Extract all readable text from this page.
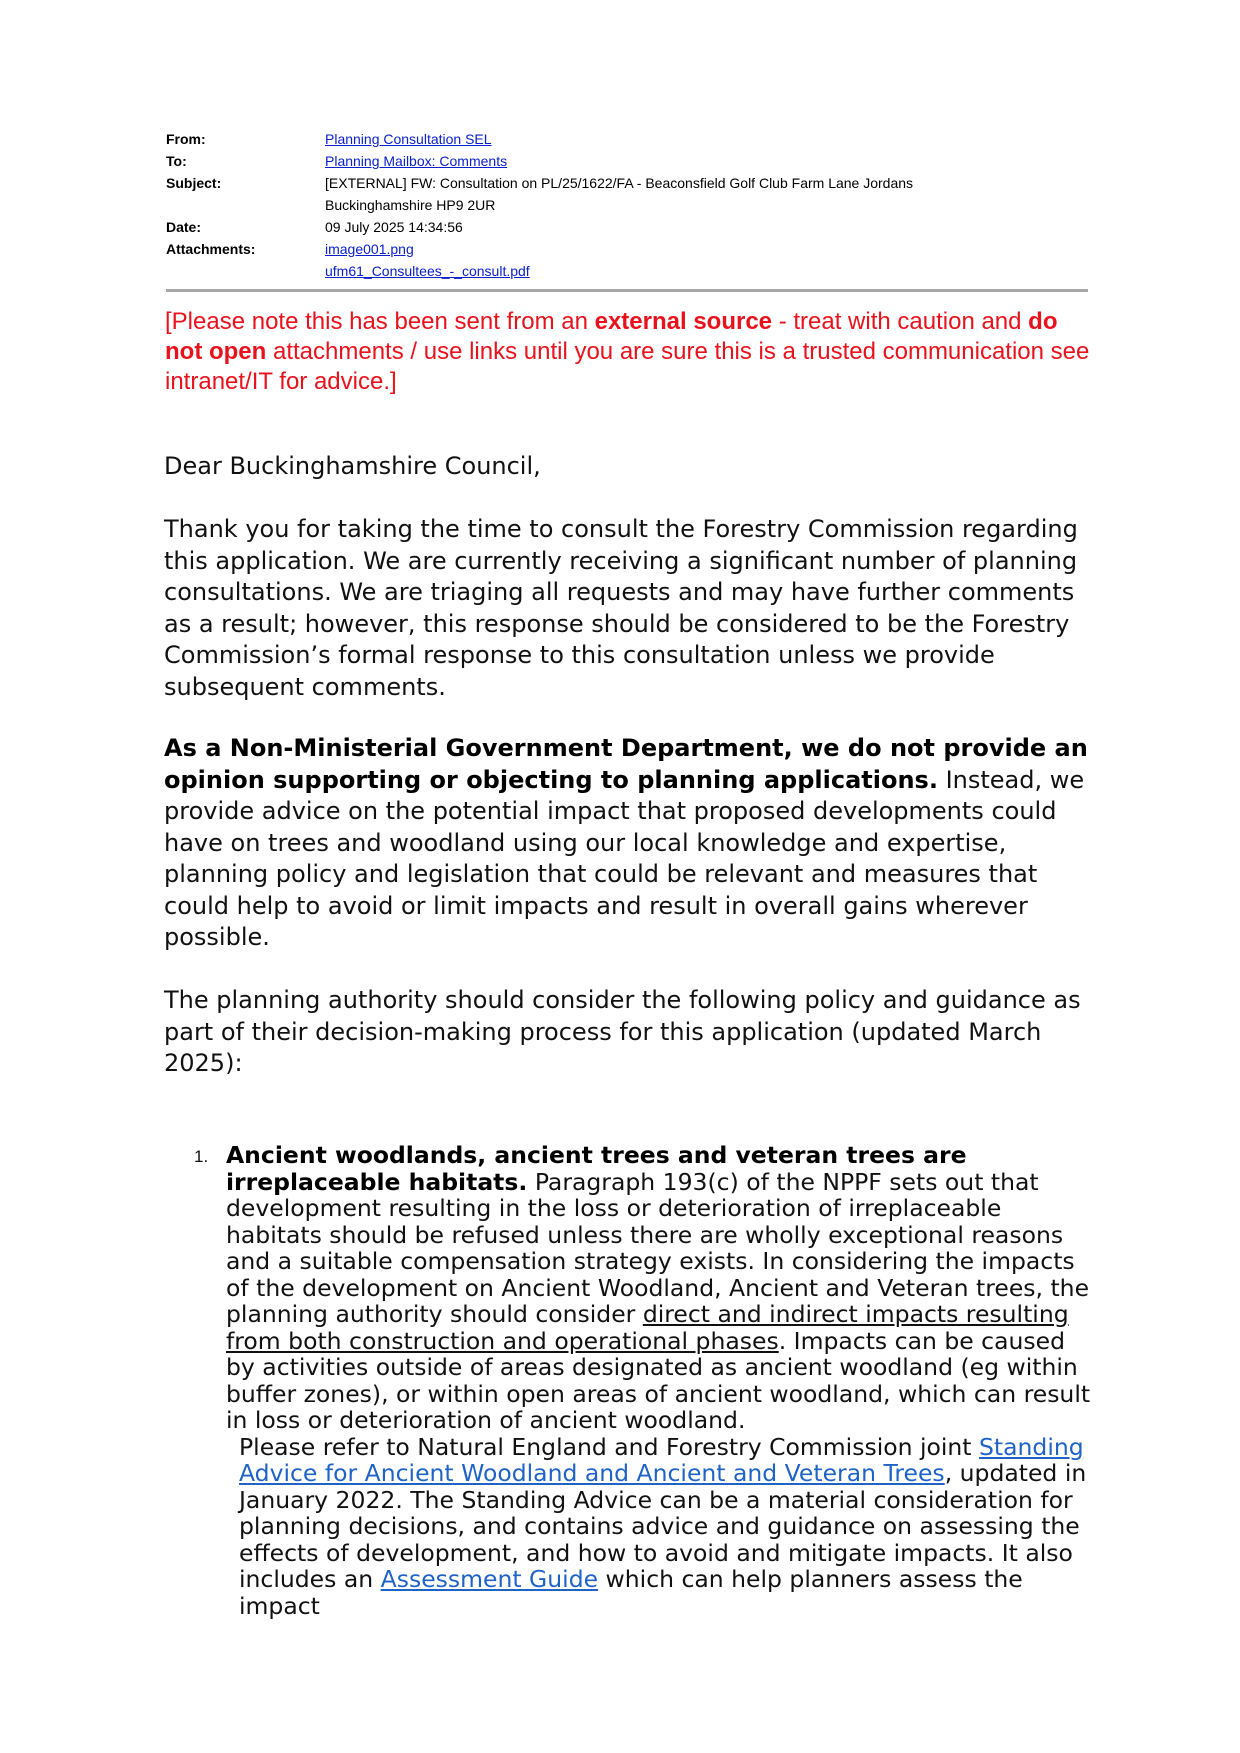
From:	Planning Consultation SEL
To:	Planning Mailbox: Comments
Subject:	[EXTERNAL] FW: Consultation on PL/25/1622/FA - Beaconsfield Golf Club Farm Lane Jordans
Buckinghamshire HP9 2UR
Date:	09 July 2025 14:34:56
Attachments:	image001.png
ufm61_Consultees_-_consult.pdf
[Please note this has been sent from an external source - treat with caution and do not open attachments / use links until you are sure this is a trusted communication see intranet/IT for advice.]
Dear Buckinghamshire Council,
Thank you for taking the time to consult the Forestry Commission regarding this application. We are currently receiving a significant number of planning consultations. We are triaging all requests and may have further comments as a result; however, this response should be considered to be the Forestry Commission’s formal response to this consultation unless we provide subsequent comments.
As a Non-Ministerial Government Department, we do not provide an opinion supporting or objecting to planning applications. Instead, we provide advice on the potential impact that proposed developments could have on trees and woodland using our local knowledge and expertise, planning policy and legislation that could be relevant and measures that could help to avoid or limit impacts and result in overall gains wherever possible.
The planning authority should consider the following policy and guidance as part of their decision-making process for this application (updated March 2025):
1. Ancient woodlands, ancient trees and veteran trees are irreplaceable habitats. Paragraph 193(c) of the NPPF sets out that development resulting in the loss or deterioration of irreplaceable habitats should be refused unless there are wholly exceptional reasons and a suitable compensation strategy exists. In considering the impacts of the development on Ancient Woodland, Ancient and Veteran trees, the planning authority should consider direct and indirect impacts resulting from both construction and operational phases. Impacts can be caused by activities outside of areas designated as ancient woodland (eg within buffer zones), or within open areas of ancient woodland, which can result in loss or deterioration of ancient woodland.
Please refer to Natural England and Forestry Commission joint Standing Advice for Ancient Woodland and Ancient and Veteran Trees, updated in January 2022. The Standing Advice can be a material consideration for planning decisions, and contains advice and guidance on assessing the effects of development, and how to avoid and mitigate impacts. It also includes an Assessment Guide which can help planners assess the impact
